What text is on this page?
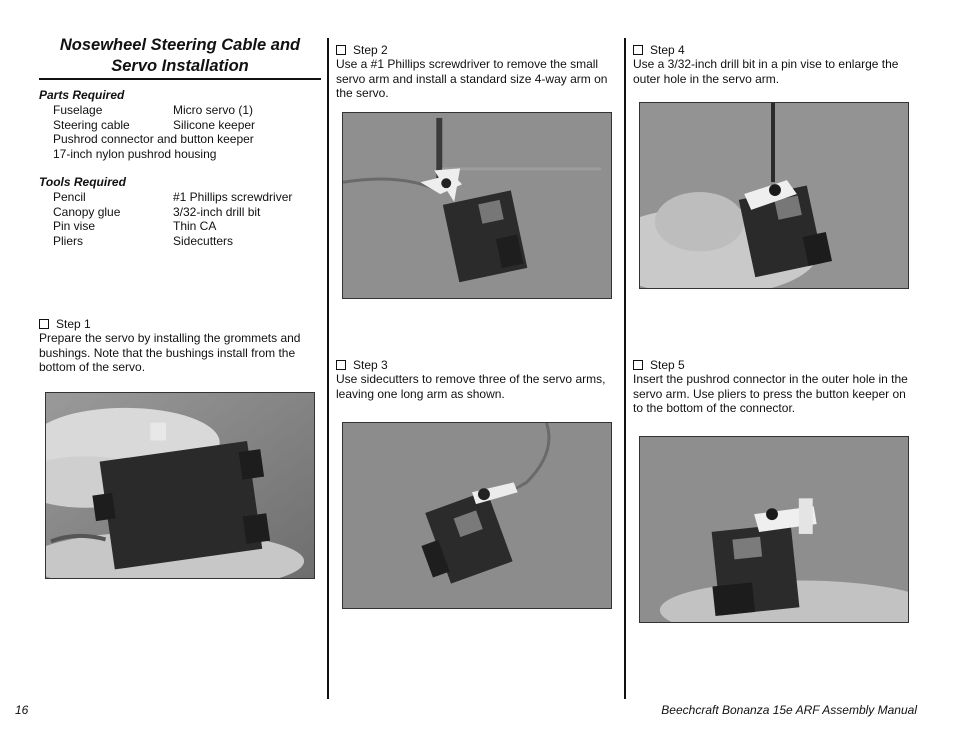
Nosewheel Steering Cable and
Servo Installation
Parts Required
Fuselage	Micro servo (1)
Steering cable	Silicone keeper
Pushrod connector and button keeper
17-inch nylon pushrod housing
Tools Required
Pencil	#1 Phillips screwdriver
Canopy glue	3/32-inch drill bit
Pin vise	Thin CA
Pliers	Sidecutters
Step 1
Prepare the servo by installing the grommets and
bushings. Note that the bushings install from the
bottom of the servo.
Step 2
Use a #1 Phillips screwdriver to remove the small
servo arm and install a standard size 4-way arm on
the servo.
Step 3
Use sidecutters to remove three of the servo arms,
leaving one long arm as shown.
Step 4
Use a 3/32-inch drill bit in a pin vise to enlarge the
outer hole in the servo arm.
Step 5
Insert the pushrod connector in the outer hole in the
servo arm. Use pliers to press the button keeper on
to the bottom of the connector.
16	Beechcraft Bonanza 15e ARF Assembly Manual
